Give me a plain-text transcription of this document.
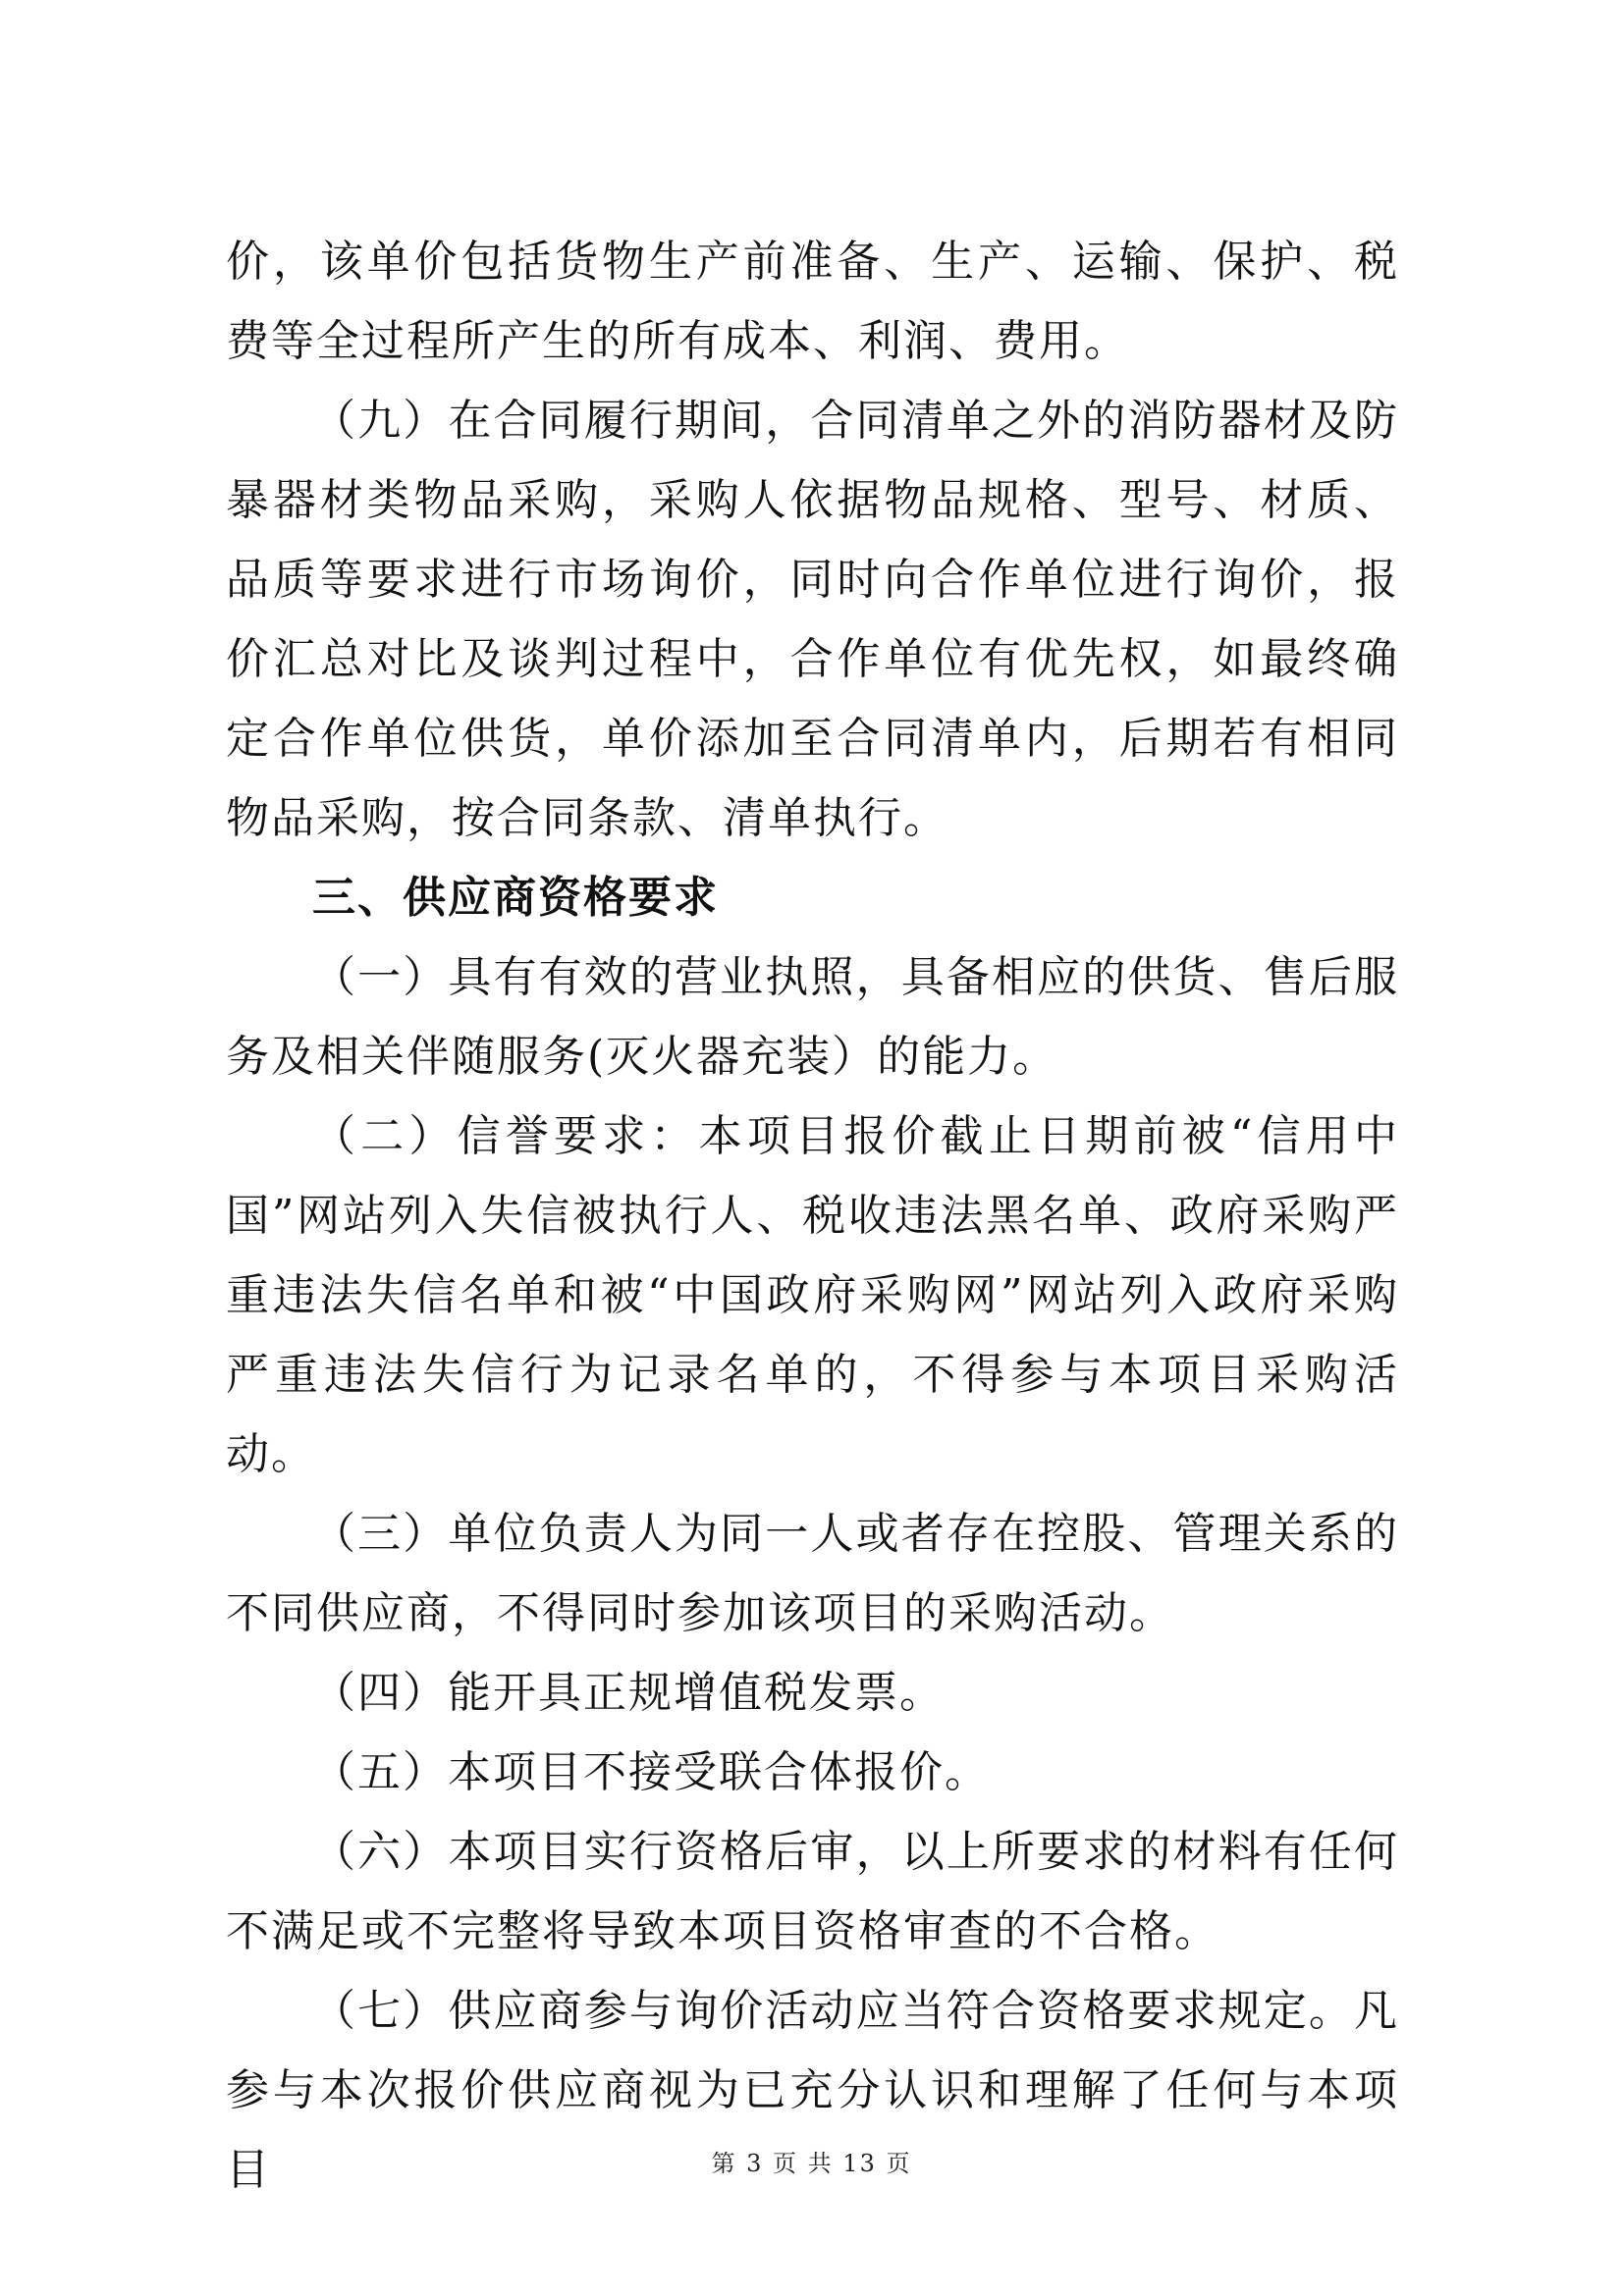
价，该单价包括货物生产前准备、生产、运输、保护、税费等全过程所产生的所有成本、利润、费用。

（九）在合同履行期间，合同清单之外的消防器材及防暴器材类物品采购，采购人依据物品规格、型号、材质、品质等要求进行市场询价，同时向合作单位进行询价，报价汇总对比及谈判过程中，合作单位有优先权，如最终确定合作单位供货，单价添加至合同清单内，后期若有相同物品采购，按合同条款、清单执行。

三、供应商资格要求

（一）具有有效的营业执照，具备相应的供货、售后服务及相关伴随服务(灭火器充装）的能力。

（二）信誉要求：本项目报价截止日期前被“信用中国”网站列入失信被执行人、税收违法黑名单、政府采购严重违法失信名单和被“中国政府采购网”网站列入政府采购严重违法失信行为记录名单的，不得参与本项目采购活动。

（三）单位负责人为同一人或者存在控股、管理关系的不同供应商，不得同时参加该项目的采购活动。

（四）能开具正规增值税发票。

（五）本项目不接受联合体报价。

（六）本项目实行资格后审，以上所要求的材料有任何不满足或不完整将导致本项目资格审查的不合格。

（七）供应商参与询价活动应当符合资格要求规定。凡参与本次报价供应商视为已充分认识和理解了任何与本项目	第 3 页 共 13 页
